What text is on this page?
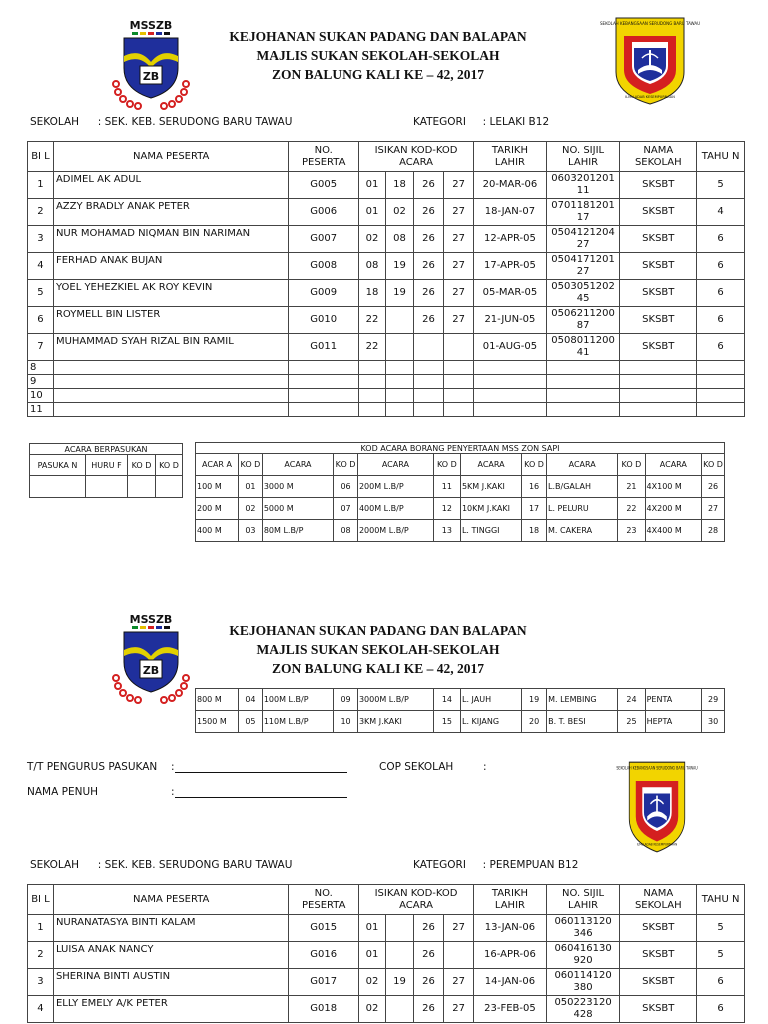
MSSZB
ZB
KEJOHANAN SUKAN PADANG DAN BALAPAN
MAJLIS SUKAN SEKOLAH-SEKOLAH
ZON BALUNG KALI KE – 42, 2017
SEKOLAH KEBANGSAAN SERUDONG BARU TAWAU
ILMU ADAB KESEMPURNAAN
SEKOLAH : SEK. KEB. SERUDONG BARU TAWAU	KATEGORI : LELAKI B12
BI L	NAMA PESERTA	NO. PESERTA	ISIKAN KOD-KOD ACARA				TARIKH LAHIR	NO. SIJIL LAHIR	NAMA SEKOLAH	TAHU N
1	ADIMEL AK ADUL	G005	01	18	26	27	20-MAR-06	0603201201 11	SKSBT	5
2	AZZY BRADLY ANAK PETER	G006	01	02	26	27	18-JAN-07	0701181201 17	SKSBT	4
3	NUR MOHAMAD NIQMAN BIN NARIMAN	G007	02	08	26	27	12-APR-05	0504121204 27	SKSBT	6
4	FERHAD ANAK BUJAN	G008	08	19	26	27	17-APR-05	0504171201 27	SKSBT	6
5	YOEL YEHEZKIEL AK ROY KEVIN	G009	18	19	26	27	05-MAR-05	0503051202 45	SKSBT	6
6	ROYMELL BIN LISTER	G010	22		26	27	21-JUN-05	0506211200 87	SKSBT	6
7	MUHAMMAD SYAH RIZAL BIN RAMIL	G011	22				01-AUG-05	0508011200 41	SKSBT	6
8										
9										
10										
11										
ACARA BERPASUKAN			
PASUKA N	HURU F	KO D	KO D

KOD ACARA BORANG PENYERTAAN MSS ZON SAPI											
ACAR A	KO D	ACARA	KO D	ACARA	KO D	ACARA	KO D	ACARA	KO D	ACARA	KO D
100 M	01	3000 M	06	200M L.B/P	11	5KM J.KAKI	16	L.B/GALAH	21	4X100 M	26
200 M	02	5000 M	07	400M L.B/P	12	10KM J.KAKI	17	L. PELURU	22	4X200 M	27
400 M	03	80M L.B/P	08	2000M L.B/P	13	L. TINGGI	18	M. CAKERA	23	4X400 M	28
MSSZB
ZB
KEJOHANAN SUKAN PADANG DAN BALAPAN
MAJLIS SUKAN SEKOLAH-SEKOLAH
ZON BALUNG KALI KE – 42, 2017
800 M	04	100M L.B/P	09	3000M L.B/P	14	L. JAUH	19	M. LEMBING	24	PENTA	29
1500 M	05	110M L.B/P	10	3KM J.KAKI	15	L. KIJANG	20	B. T. BESI	25	HEPTA	30
T/T PENGURUS PASUKAN :	COP SEKOLAH	:
NAMA PENUH	:
SEKOLAH KEBANGSAAN SERUDONG BARU TAWAU
ILMU ADAB KESEMPURNAAN
SEKOLAH : SEK. KEB. SERUDONG BARU TAWAU	KATEGORI : PEREMPUAN B12
BI L	NAMA PESERTA	NO. PESERTA	ISIKAN KOD-KOD ACARA				TARIKH LAHIR	NO. SIJIL LAHIR	NAMA SEKOLAH	TAHU N
1	NURANATASYA BINTI KALAM	G015	01		26	27	13-JAN-06	060113120 346	SKSBT	5
2	LUISA ANAK NANCY	G016	01		26		16-APR-06	060416130 920	SKSBT	5
3	SHERINA BINTI AUSTIN	G017	02	19	26	27	14-JAN-06	060114120 380	SKSBT	6
4	ELLY EMELY A/K PETER	G018	02		26	27	23-FEB-05	050223120 428	SKSBT	6
